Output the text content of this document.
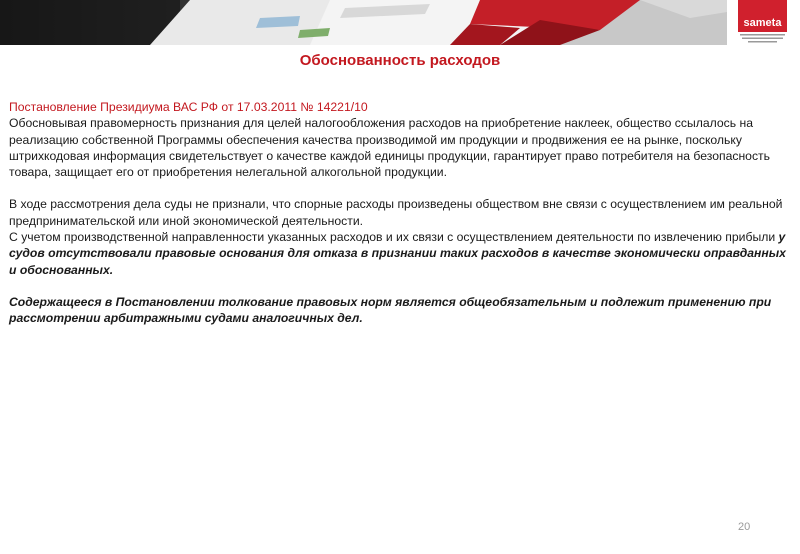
sameta
Обоснованность расходов

Постановление Президиума ВАС РФ от 17.03.2011 № 14221/10

Обосновывая правомерность признания для целей налогообложения расходов на приобретение наклеек, общество ссылалось на реализацию собственной Программы обеспечения качества производимой им продукции и продвижения ее на рынке, поскольку штрихкодовая информация свидетельствует о качестве каждой единицы продукции, гарантирует право потребителя на безопасность товара, защищает его от приобретения нелегальной алкогольной продукции.

В ходе рассмотрения дела суды не признали, что спорные расходы произведены обществом вне связи с осуществлением им реальной предпринимательской или иной экономической деятельности.

С учетом производственной направленности указанных расходов и их связи с осуществлением деятельности по извлечению прибыли у судов отсутствовали правовые основания для отказа в признании таких расходов в качестве экономически оправданных и обоснованных.

Содержащееся в Постановлении толкование правовых норм является общеобязательным и подлежит применению при рассмотрении арбитражными судами аналогичных дел.

20
